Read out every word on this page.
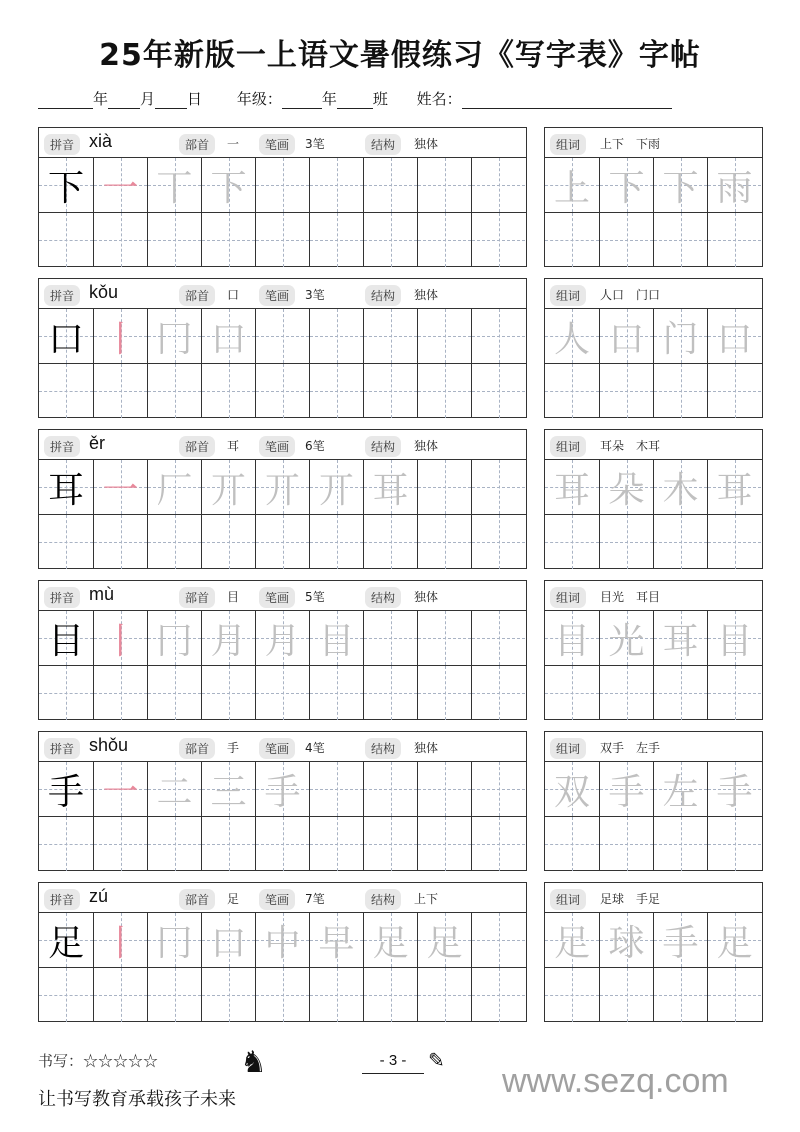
25年新版一上语文暑假练习《写字表》字帖
年 月 日 年级：	年 班 姓名：
拼音 xià	部首	一	笔画	3笔	结构	独体
下 一 丅 下
组词	上下　下雨
上 下 下 雨
拼音 kǒu	部首	口	笔画	3笔	结构	独体
口 丨 冂 口
组词	人口　门口
人 口 门 口
拼音 ěr	部首	耳	笔画	6笔	结构	独体
耳 一 厂 丌 丌 丌 耳
组词	耳朵　木耳
耳 朵 木 耳
拼音 mù	部首	目	笔画	5笔	结构	独体
目 丨 冂 月 月 目
组词	目光　耳目
目 光 耳 目
拼音 shǒu	部首	手	笔画	4笔	结构	独体
手 一 二 三 手
组词	双手　左手
双 手 左 手
拼音 zú	部首	足	笔画	7笔	结构	上下
足 丨 冂 口 中 早 足 足
组词	足球　手足
足 球 手 足
书写：☆☆☆☆☆	♞	- 3 -	✎
让书写教育承载孩子未来	www.sezq.com
